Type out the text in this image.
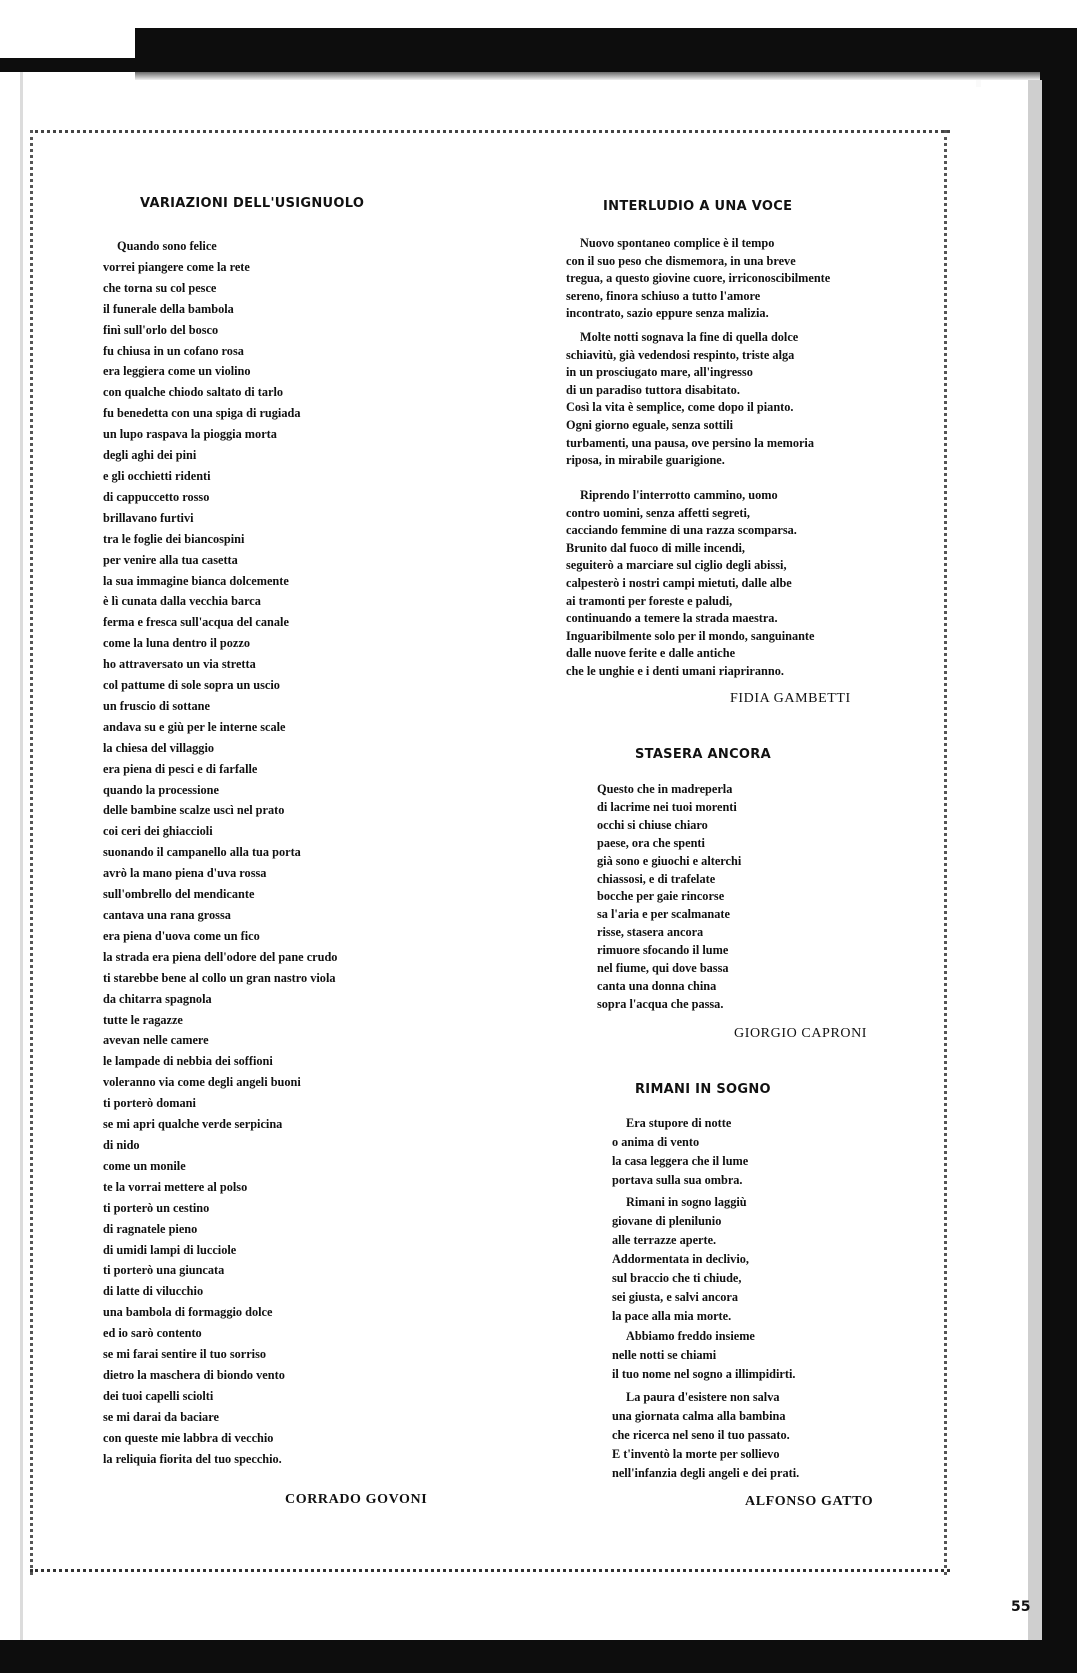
VARIAZIONI DELL'USIGNUOLO
Quando sono felice
vorrei piangere come la rete
che torna su col pesce
il funerale della bambola
finì sull'orlo del bosco
fu chiusa in un cofano rosa
era leggiera come un violino
con qualche chiodo saltato di tarlo
fu benedetta con una spiga di rugiada
un lupo raspava la pioggia morta
degli aghi dei pini
e gli occhietti ridenti
di cappuccetto rosso
brillavano furtivi
tra le foglie dei biancospini
per venire alla tua casetta
la sua immagine bianca dolcemente
è lì cunata dalla vecchia barca
ferma e fresca sull'acqua del canale
come la luna dentro il pozzo
ho attraversato un via stretta
col pattume di sole sopra un uscio
un fruscio di sottane
andava su e giù per le interne scale
la chiesa del villaggio
era piena di pesci e di farfalle
quando la processione
delle bambine scalze uscì nel prato
coi ceri dei ghiaccioli
suonando il campanello alla tua porta
avrò la mano piena d'uva rossa
sull'ombrello del mendicante
cantava una rana grossa
era piena d'uova come un fico
la strada era piena dell'odore del pane crudo
ti starebbe bene al collo un gran nastro viola
da chitarra spagnola
tutte le ragazze
avevan nelle camere
le lampade di nebbia dei soffioni
voleranno via come degli angeli buoni
ti porterò domani
se mi apri qualche verde serpicina
di nido
come un monile
te la vorrai mettere al polso
ti porterò un cestino
di ragnatele pieno
di umidi lampi di lucciole
ti porterò una giuncata
di latte di vilucchio
una bambola di formaggio dolce
ed io sarò contento
se mi farai sentire il tuo sorriso
dietro la maschera di biondo vento
dei tuoi capelli sciolti
se mi darai da baciare
con queste mie labbra di vecchio
la reliquia fiorita del tuo specchio.

CORRADO GOVONI

INTERLUDIO A UNA VOCE

Nuovo spontaneo complice è il tempo
con il suo peso che dismemora, in una breve
tregua, a questo giovine cuore, irriconoscibilmente
sereno, finora schiuso a tutto l'amore
incontrato, sazio eppure senza malizia.

Molte notti sognava la fine di quella dolce
schiavitù, già vedendosi respinto, triste alga
in un prosciugato mare, all'ingresso
di un paradiso tuttora disabitato.
Così la vita è semplice, come dopo il pianto.
Ogni giorno eguale, senza sottili
turbamenti, una pausa, ove persino la memoria
riposa, in mirabile guarigione.

Riprendo l'interrotto cammino, uomo
contro uomini, senza affetti segreti,
cacciando femmine di una razza scomparsa.
Brunito dal fuoco di mille incendi,
seguiterò a marciare sul ciglio degli abissi,
calpesterò i nostri campi mietuti, dalle albe
ai tramonti per foreste e paludi,
continuando a temere la strada maestra.
Inguaribilmente solo per il mondo, sanguinante
dalle nuove ferite e dalle antiche
che le unghie e i denti umani riapriranno.

FIDIA GAMBETTI

STASERA ANCORA
Questo che in madreperla
di lacrime nei tuoi morenti
occhi si chiuse chiaro
paese, ora che spenti
già sono e giuochi e alterchi
chiassosi, e di trafelate
bocche per gaie rincorse
sa l'aria e per scalmanate
risse, stasera ancora
rimuore sfocando il lume
nel fiume, qui dove bassa
canta una donna china
sopra l'acqua che passa.

GIORGIO CAPRONI

RIMANI IN SOGNO
Era stupore di notte
o anima di vento
la casa leggera che il lume
portava sulla sua ombra.
Rimani in sogno laggiù
giovane di plenilunio
alle terrazze aperte.
Addormentata in declivio,
sul braccio che ti chiude,
sei giusta, e salvi ancora
la pace alla mia morte.
Abbiamo freddo insieme
nelle notti se chiami
il tuo nome nel sogno a illimpidirti.
La paura d'esistere non salva
una giornata calma alla bambina
che ricerca nel seno il tuo passato.
E t'inventò la morte per sollievo
nell'infanzia degli angeli e dei prati.

ALFONSO GATTO

55
